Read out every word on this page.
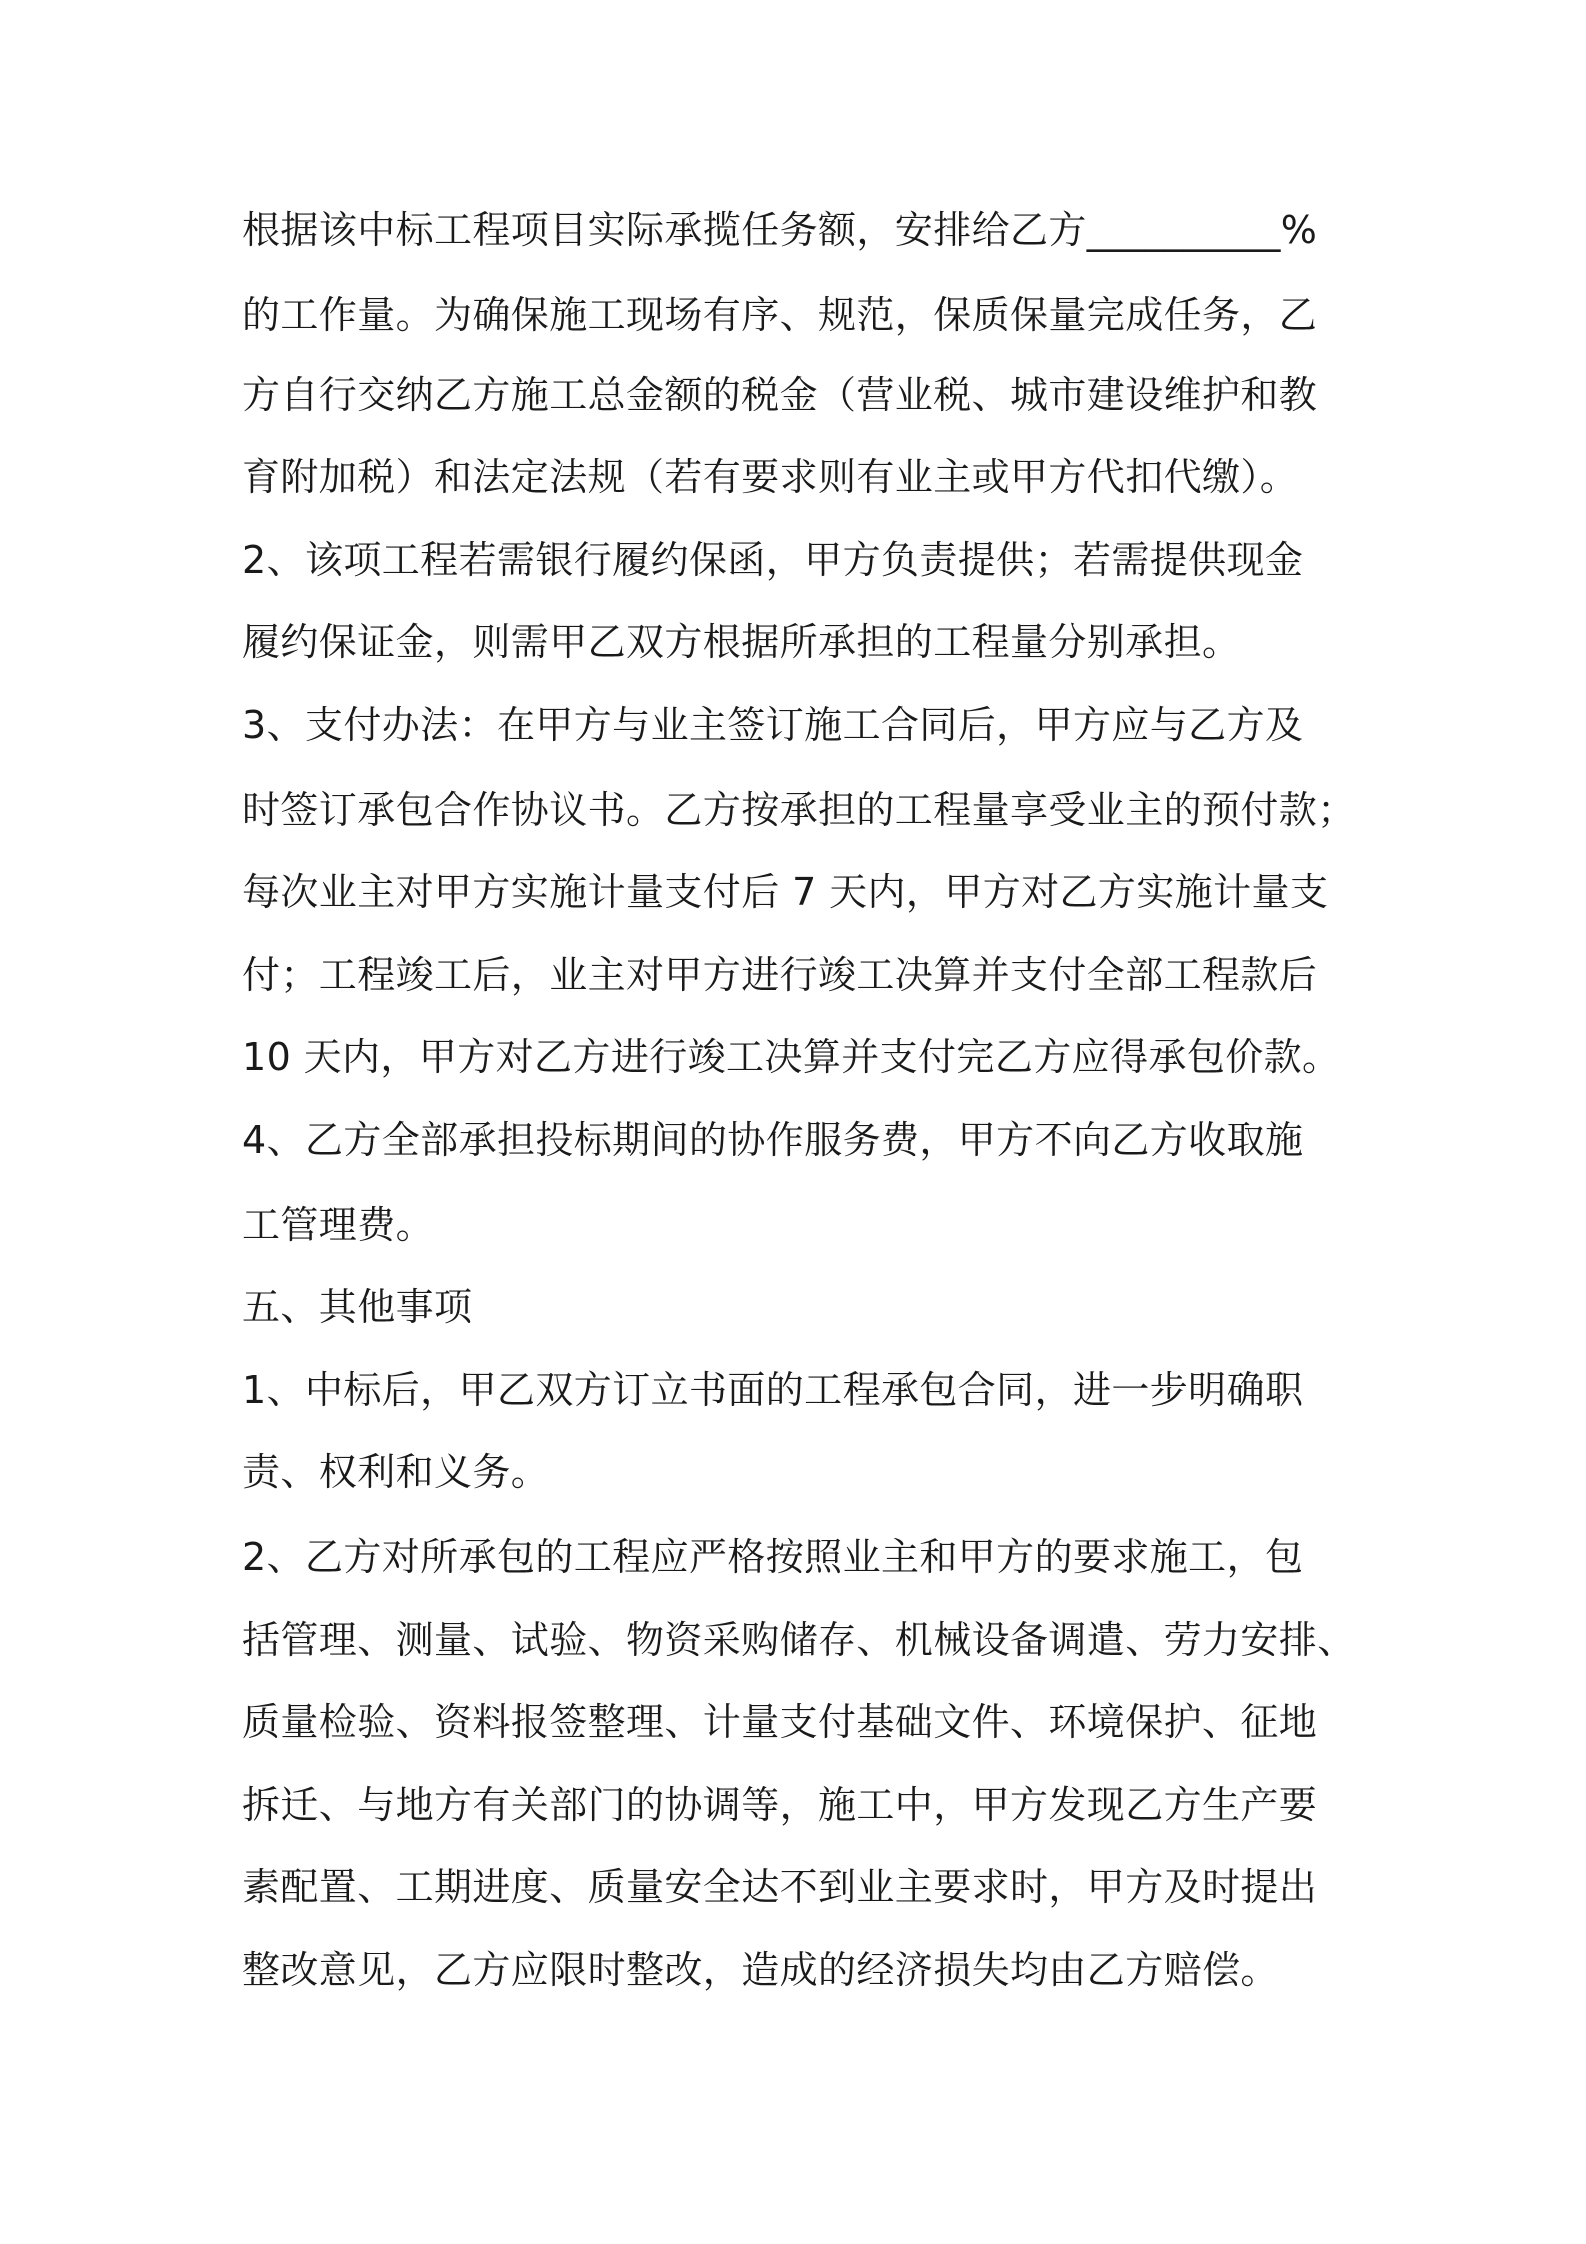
根据该中标工程项目实际承揽任务额，安排给乙方__________%
的工作量。为确保施工现场有序、规范，保质保量完成任务，乙
方自行交纳乙方施工总金额的税金（营业税、城市建设维护和教
育附加税）和法定法规（若有要求则有业主或甲方代扣代缴）。
2、该项工程若需银行履约保函，甲方负责提供；若需提供现金
履约保证金，则需甲乙双方根据所承担的工程量分别承担。
3、支付办法：在甲方与业主签订施工合同后，甲方应与乙方及
时签订承包合作协议书。乙方按承担的工程量享受业主的预付款；
每次业主对甲方实施计量支付后 7 天内，甲方对乙方实施计量支
付；工程竣工后，业主对甲方进行竣工决算并支付全部工程款后
10 天内，甲方对乙方进行竣工决算并支付完乙方应得承包价款。
4、乙方全部承担投标期间的协作服务费，甲方不向乙方收取施
工管理费。
五、其他事项
1、中标后，甲乙双方订立书面的工程承包合同，进一步明确职
责、权利和义务。
2、乙方对所承包的工程应严格按照业主和甲方的要求施工，包
括管理、测量、试验、物资采购储存、机械设备调遣、劳力安排、
质量检验、资料报签整理、计量支付基础文件、环境保护、征地
拆迁、与地方有关部门的协调等，施工中，甲方发现乙方生产要
素配置、工期进度、质量安全达不到业主要求时，甲方及时提出
整改意见，乙方应限时整改，造成的经济损失均由乙方赔偿。
